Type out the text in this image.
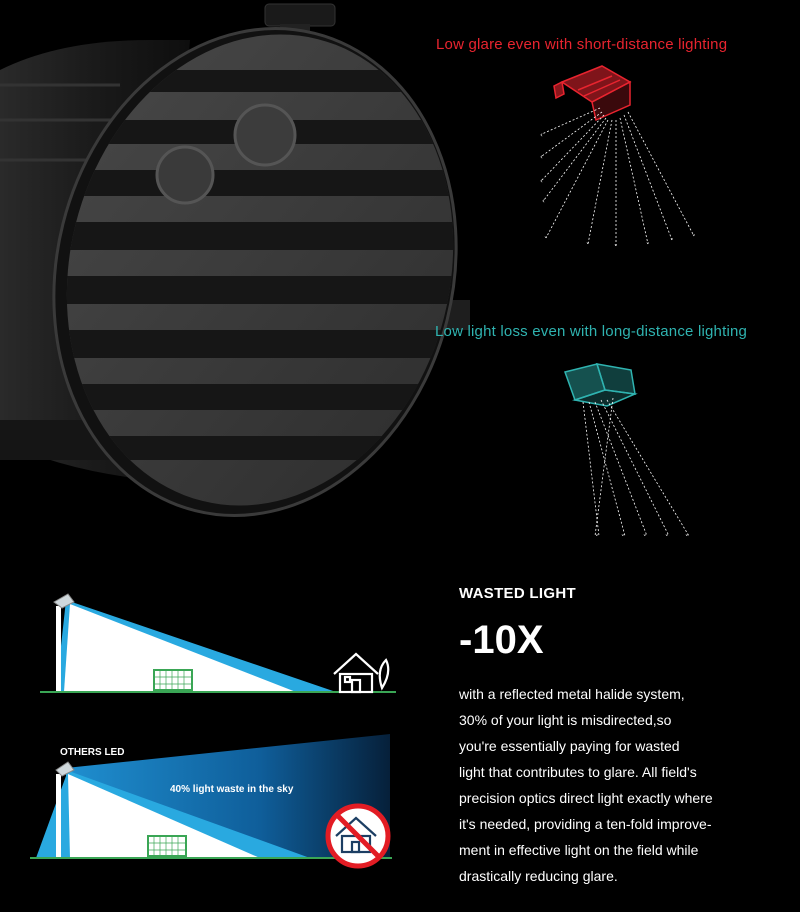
Low glare even with short-distance lighting
Low light loss even with long-distance lighting
‹
‹
‹
‹
˅
˅	˅	˅	˅	˅
˅	˅	˅	˅ ˅
OTHERS LED
40% light waste in the sky
WASTED LIGHT
-10X
with a reflected metal halide system,
30% of your light is misdirected,so
you're essentially paying for wasted
light that contributes to glare. All field's
precision optics direct light exactly where
it's needed, providing a ten-fold improve-
ment in effective light on the field while
drastically reducing glare.
